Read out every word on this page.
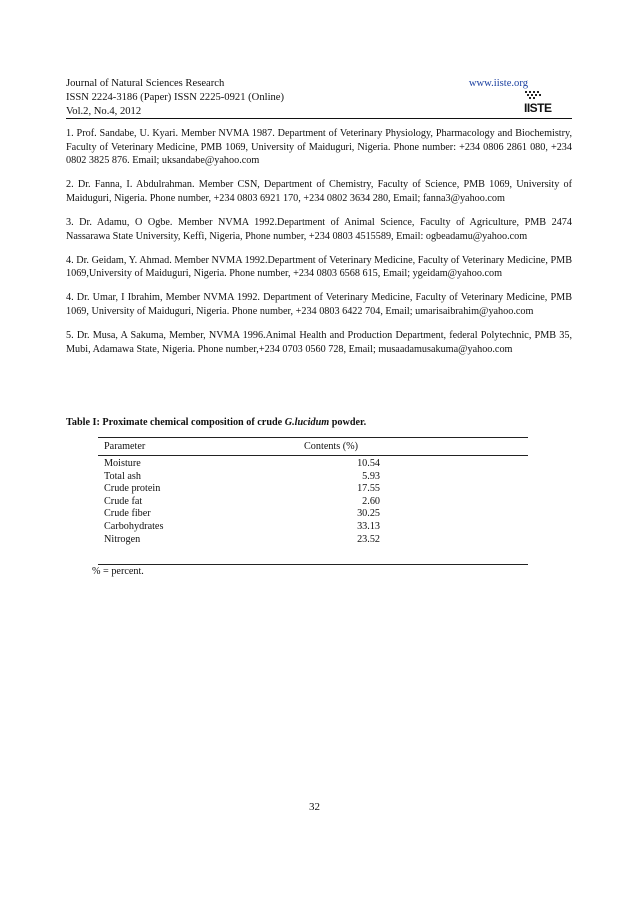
Journal of Natural Sciences Research	www.iiste.org
ISSN 2224-3186 (Paper) ISSN 2225-0921 (Online)
Vol.2, No.4, 2012	IISTE

1. Prof. Sandabe, U. Kyari. Member NVMA 1987. Department of Veterinary Physiology, Pharmacology and Biochemistry, Faculty of Veterinary Medicine, PMB 1069, University of Maiduguri, Nigeria. Phone number: +234 0806 2861 080, +234 0802 3825 876. Email; uksandabe@yahoo.com

2. Dr. Fanna, I. Abdulrahman. Member CSN, Department of Chemistry, Faculty of Science, PMB 1069, University of Maiduguri, Nigeria. Phone number, +234 0803 6921 170, +234 0802 3634 280, Email; fanna3@yahoo.com

3. Dr. Adamu, O Ogbe. Member NVMA 1992.Department of Animal Science, Faculty of Agriculture, PMB 2474 Nassarawa State University, Keffi, Nigeria, Phone number, +234 0803 4515589, Email: ogbeadamu@yahoo.com

4. Dr. Geidam, Y. Ahmad. Member NVMA 1992.Department of Veterinary Medicine, Faculty of Veterinary Medicine, PMB 1069,University of Maiduguri, Nigeria. Phone number, +234 0803 6568 615, Email; ygeidam@yahoo.com

4. Dr. Umar, I Ibrahim, Member NVMA 1992. Department of Veterinary Medicine, Faculty of Veterinary Medicine, PMB 1069, University of Maiduguri, Nigeria. Phone number, +234 0803 6422 704, Email; umarisaibrahim@yahoo.com

5. Dr. Musa, A Sakuma, Member, NVMA 1996.Animal Health and Production Department, federal Polytechnic, PMB 35, Mubi, Adamawa State, Nigeria. Phone number,+234 0703 0560 728, Email; musaadamusakuma@yahoo.com

Table I: Proximate chemical composition of crude G.lucidum powder.
Parameter	Contents (%)
Moisture	10.54
Total ash	5.93
Crude protein	17.55
Crude fat	2.60
Crude fiber	30.25
Carbohydrates	33.13
Nitrogen	23.52
% = percent.
32
